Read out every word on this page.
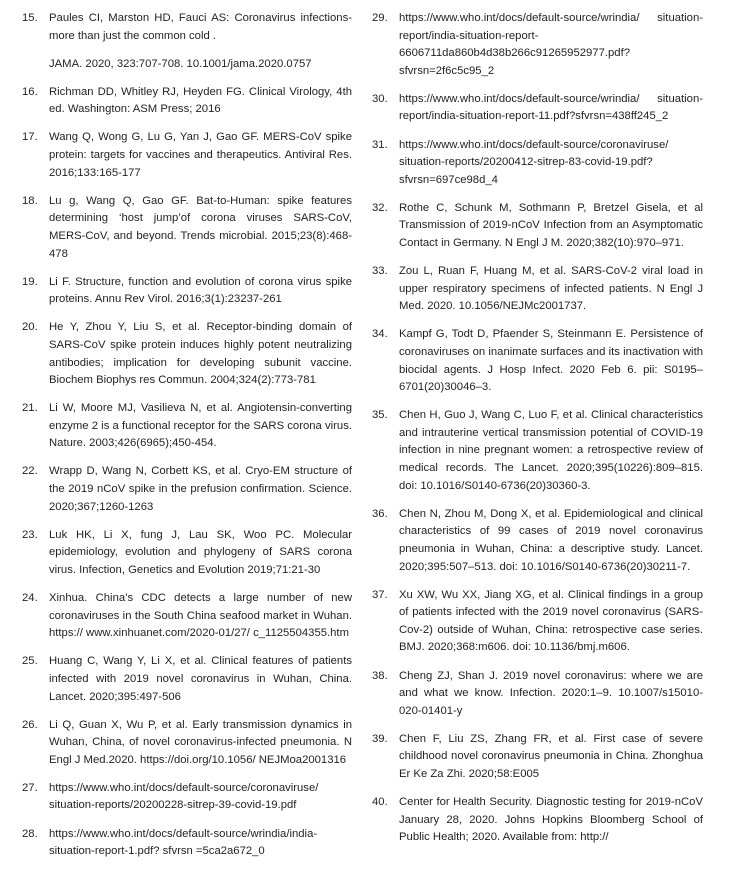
15. Paules CI, Marston HD, Fauci AS: Coronavirus infections-more than just the common cold .
JAMA. 2020, 323:707-708. 10.1001/jama.2020.0757
16. Richman DD, Whitley RJ, Heyden FG. Clinical Virology, 4th ed. Washington: ASM Press; 2016
17. Wang Q, Wong G, Lu G, Yan J, Gao GF. MERS-CoV spike protein: targets for vaccines and therapeutics. Antiviral Res. 2016;133:165-177
18. Lu g, Wang Q, Gao GF. Bat-to-Human: spike features determining ‘host jump’of corona viruses SARS-CoV, MERS-CoV, and beyond. Trends microbial. 2015;23(8):468-478
19. Li F. Structure, function and evolution of corona virus spike proteins. Annu Rev Virol. 2016;3(1):23237-261
20. He Y, Zhou Y, Liu S, et al. Receptor-binding domain of SARS-CoV spike protein induces highly potent neutralizing antibodies; implication for developing subunit vaccine. Biochem Biophys res Commun. 2004;324(2):773-781
21. Li W, Moore MJ, Vasilieva N, et al. Angiotensin-converting enzyme 2 is a functional receptor for the SARS corona virus. Nature. 2003;426(6965);450-454.
22. Wrapp D, Wang N, Corbett KS, et al. Cryo-EM structure of the 2019 nCoV spike in the prefusion confirmation. Science. 2020;367;1260-1263
23. Luk HK, Li X, fung J, Lau SK, Woo PC. Molecular epidemiology, evolution and phylogeny of SARS corona virus. Infection, Genetics and Evolution 2019;71:21-30
24. Xinhua. China’s CDC detects a large number of new coronaviruses in the South China seafood market in Wuhan. https:// www.xinhuanet.com/2020-01/27/ c_1125504355.htm
25. Huang C, Wang Y, Li X, et al. Clinical features of patients infected with 2019 novel coronavirus in Wuhan, China. Lancet. 2020;395:497-506
26. Li Q, Guan X, Wu P, et al. Early transmission dynamics in Wuhan, China, of novel coronavirus-infected pneumonia. N Engl J Med.2020. https://doi.org/10.1056/ NEJMoa2001316
27. https://www.who.int/docs/default-source/coronaviruse/ situation-reports/20200228-sitrep-39-covid-19.pdf
28. https://www.who.int/docs/default-source/wrindia/india-situation-report-1.pdf? sfvrsn =5ca2a672_0
29. https://www.who.int/docs/default-source/wrindia/ situation-report/india-situation-report-6606711da860b4d38b266c91265952977.pdf?sfvrsn=2f6c5c95_2
30. https://www.who.int/docs/default-source/wrindia/ situation-report/india-situation-report-11.pdf?sfvrsn=438ff245_2
31. https://www.who.int/docs/default-source/coronaviruse/ situation-reports/20200412-sitrep-83-covid-19.pdf?sfvrsn=697ce98d_4
32. Rothe C, Schunk M, Sothmann P, Bretzel Gisela, et al Transmission of 2019-nCoV Infection from an Asymptomatic Contact in Germany. N Engl J M. 2020;382(10):970–971.
33. Zou L, Ruan F, Huang M, et al. SARS-CoV-2 viral load in upper respiratory specimens of infected patients. N Engl J Med. 2020. 10.1056/NEJMc2001737.
34. Kampf G, Todt D, Pfaender S, Steinmann E. Persistence of coronaviruses on inanimate surfaces and its inactivation with biocidal agents. J Hosp Infect. 2020 Feb 6. pii: S0195–6701(20)30046–3.
35. Chen H, Guo J, Wang C, Luo F, et al. Clinical characteristics and intrauterine vertical transmission potential of COVID-19 infection in nine pregnant women: a retrospective review of medical records. The Lancet. 2020;395(10226):809–815. doi: 10.1016/S0140-6736(20)30360-3.
36. Chen N, Zhou M, Dong X, et al. Epidemiological and clinical characteristics of 99 cases of 2019 novel coronavirus pneumonia in Wuhan, China: a descriptive study. Lancet. 2020;395:507–513. doi: 10.1016/S0140-6736(20)30211-7.
37. Xu XW, Wu XX, Jiang XG, et al. Clinical findings in a group of patients infected with the 2019 novel coronavirus (SARS-Cov-2) outside of Wuhan, China: retrospective case series. BMJ. 2020;368:m606. doi: 10.1136/bmj.m606.
38. Cheng ZJ, Shan J. 2019 novel coronavirus: where we are and what we know. Infection. 2020:1–9. 10.1007/s15010-020-01401-y
39. Chen F, Liu ZS, Zhang FR, et al. First case of severe childhood novel coronavirus pneumonia in China. Zhonghua Er Ke Za Zhi. 2020;58:E005
40. Center for Health Security. Diagnostic testing for 2019-nCoV January 28, 2020. Johns Hopkins Bloomberg School of Public Health; 2020. Available from: http://
